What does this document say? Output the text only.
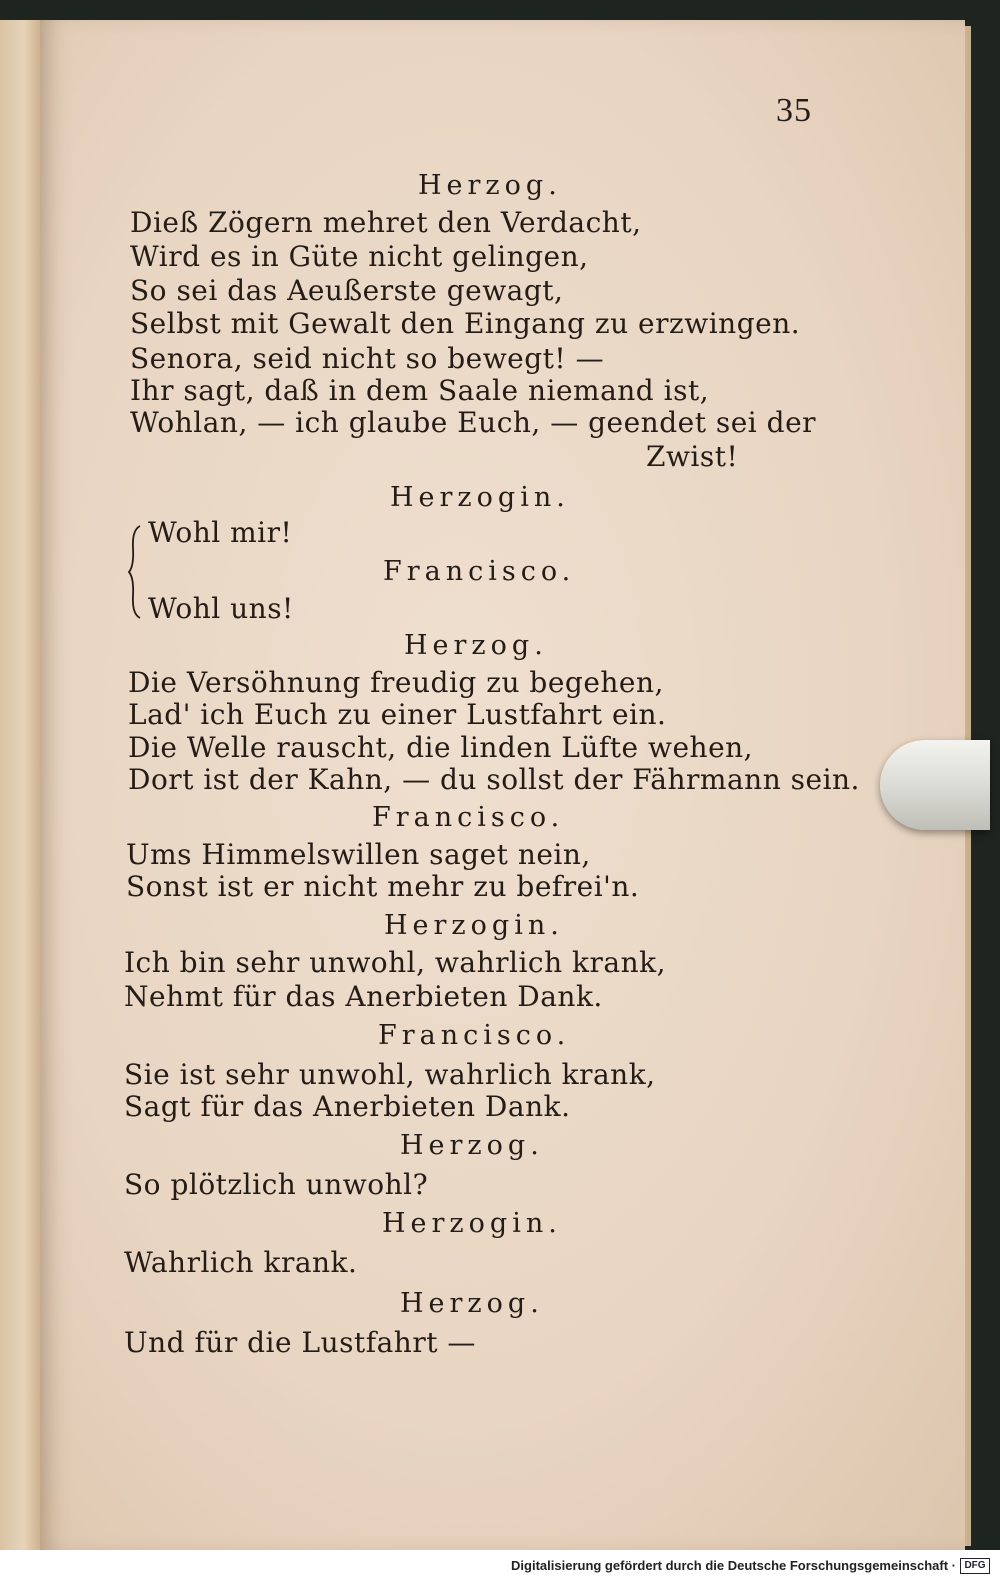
35
Herzog.
Dieß Zögern mehret den Verdacht,
Wird es in Güte nicht gelingen,
So sei das Aeußerste gewagt,
Selbst mit Gewalt den Eingang zu erzwingen.
Senora, seid nicht so bewegt! —
Ihr sagt, daß in dem Saale niemand ist,
Wohlan, — ich glaube Euch, — geendet sei der
Zwist!
Herzogin.
Wohl mir!
Francisco.
Wohl uns!
Herzog.
Die Versöhnung freudig zu begehen,
Lad' ich Euch zu einer Lustfahrt ein.
Die Welle rauscht, die linden Lüfte wehen,
Dort ist der Kahn, — du sollst der Fährmann sein.
Francisco.
Ums Himmelswillen saget nein,
Sonst ist er nicht mehr zu befrei'n.
Herzogin.
Ich bin sehr unwohl, wahrlich krank,
Nehmt für das Anerbieten Dank.
Francisco.
Sie ist sehr unwohl, wahrlich krank,
Sagt für das Anerbieten Dank.
Herzog.
So plötzlich unwohl?
Herzogin.
Wahrlich krank.
Herzog.
Und für die Lustfahrt —
Digitalisierung gefördert durch die Deutsche Forschungsgemeinschaft · DFG
